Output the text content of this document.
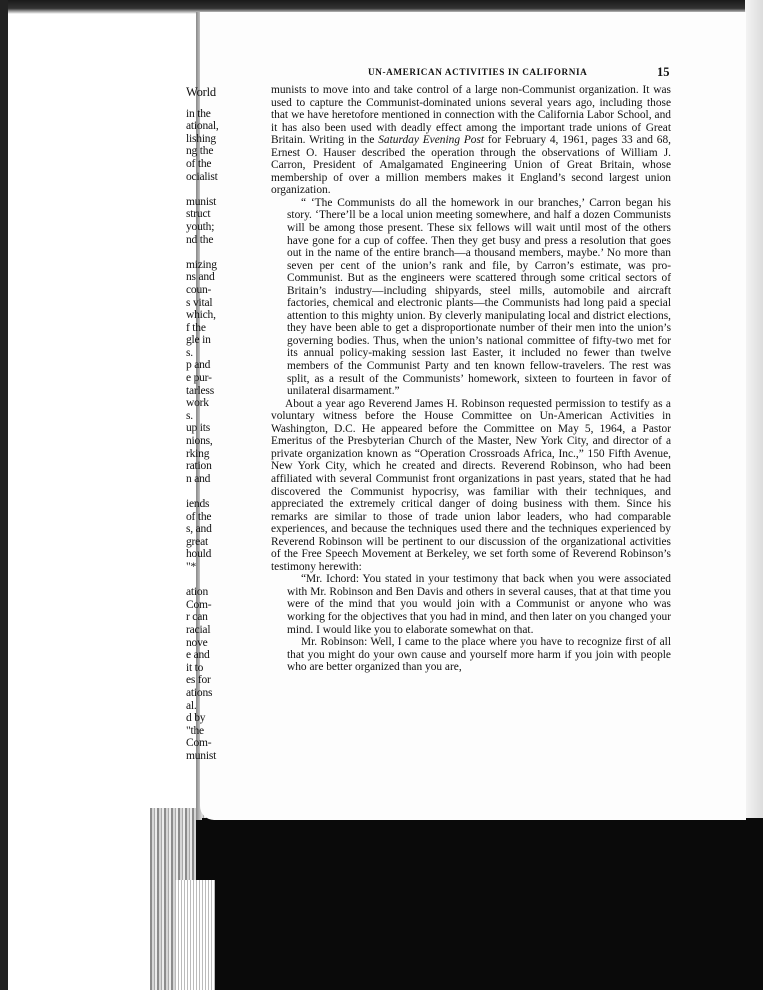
World
in the
ational,
lishing
ng the
of the
ocialist
munist
struct
youth;
nd the
mizing
ns and
coun-
s vital
which,
f the
gle in
s.
p and
e pur-
tarless
work
s.
up its
nions,
rking
ration
n and
iends
of the
s, and
great
hould
"*
ation
Com-
r can
racial
nove
e and
it to
es for
ations
al.
d by
"the
Com-
munist
UN-AMERICAN ACTIVITIES IN CALIFORNIA	15

munists to move into and take control of a large non-Communist organization. It was used to capture the Communist-dominated unions several years ago, including those that we have heretofore mentioned in connection with the California Labor School, and it has also been used with deadly effect among the important trade unions of Great Britain. Writing in the Saturday Evening Post for February 4, 1961, pages 33 and 68, Ernest O. Hauser described the operation through the observations of William J. Carron, President of Amalgamated Engineering Union of Great Britain, whose membership of over a million members makes it England’s second largest union organization.

“ ‘The Communists do all the homework in our branches,’ Carron began his story. ‘There’ll be a local union meeting somewhere, and half a dozen Communists will be among those present. These six fellows will wait until most of the others have gone for a cup of coffee. Then they get busy and press a resolution that goes out in the name of the entire branch—a thousand members, maybe.’ No more than seven per cent of the union’s rank and file, by Carron’s estimate, was pro-Communist. But as the engineers were scattered through some critical sectors of Britain’s industry—including shipyards, steel mills, automobile and aircraft factories, chemical and electronic plants—the Communists had long paid a special attention to this mighty union. By cleverly manipulating local and district elections, they have been able to get a disproportionate number of their men into the union’s governing bodies. Thus, when the union’s national committee of fifty-two met for its annual policy-making session last Easter, it included no fewer than twelve members of the Communist Party and ten known fellow-travelers. The rest was split, as a result of the Communists’ homework, sixteen to fourteen in favor of unilateral disarmament.”

About a year ago Reverend James H. Robinson requested permission to testify as a voluntary witness before the House Committee on Un-American Activities in Washington, D.C. He appeared before the Committee on May 5, 1964, a Pastor Emeritus of the Presbyterian Church of the Master, New York City, and director of a private organization known as “Operation Crossroads Africa, Inc.,” 150 Fifth Avenue, New York City, which he created and directs. Reverend Robinson, who had been affiliated with several Communist front organizations in past years, stated that he had discovered the Communist hypocrisy, was familiar with their techniques, and appreciated the extremely critical danger of doing business with them. Since his remarks are similar to those of trade union labor leaders, who had comparable experiences, and because the techniques used there and the techniques experienced by Reverend Robinson will be pertinent to our discussion of the organizational activities of the Free Speech Movement at Berkeley, we set forth some of Reverend Robinson’s testimony herewith:

“Mr. Ichord: You stated in your testimony that back when you were associated with Mr. Robinson and Ben Davis and others in several causes, that at that time you were of the mind that you would join with a Communist or anyone who was working for the objectives that you had in mind, and then later on you changed your mind. I would like you to elaborate somewhat on that.

Mr. Robinson: Well, I came to the place where you have to recognize first of all that you might do your own cause and yourself more harm if you join with people who are better organized than you are,
